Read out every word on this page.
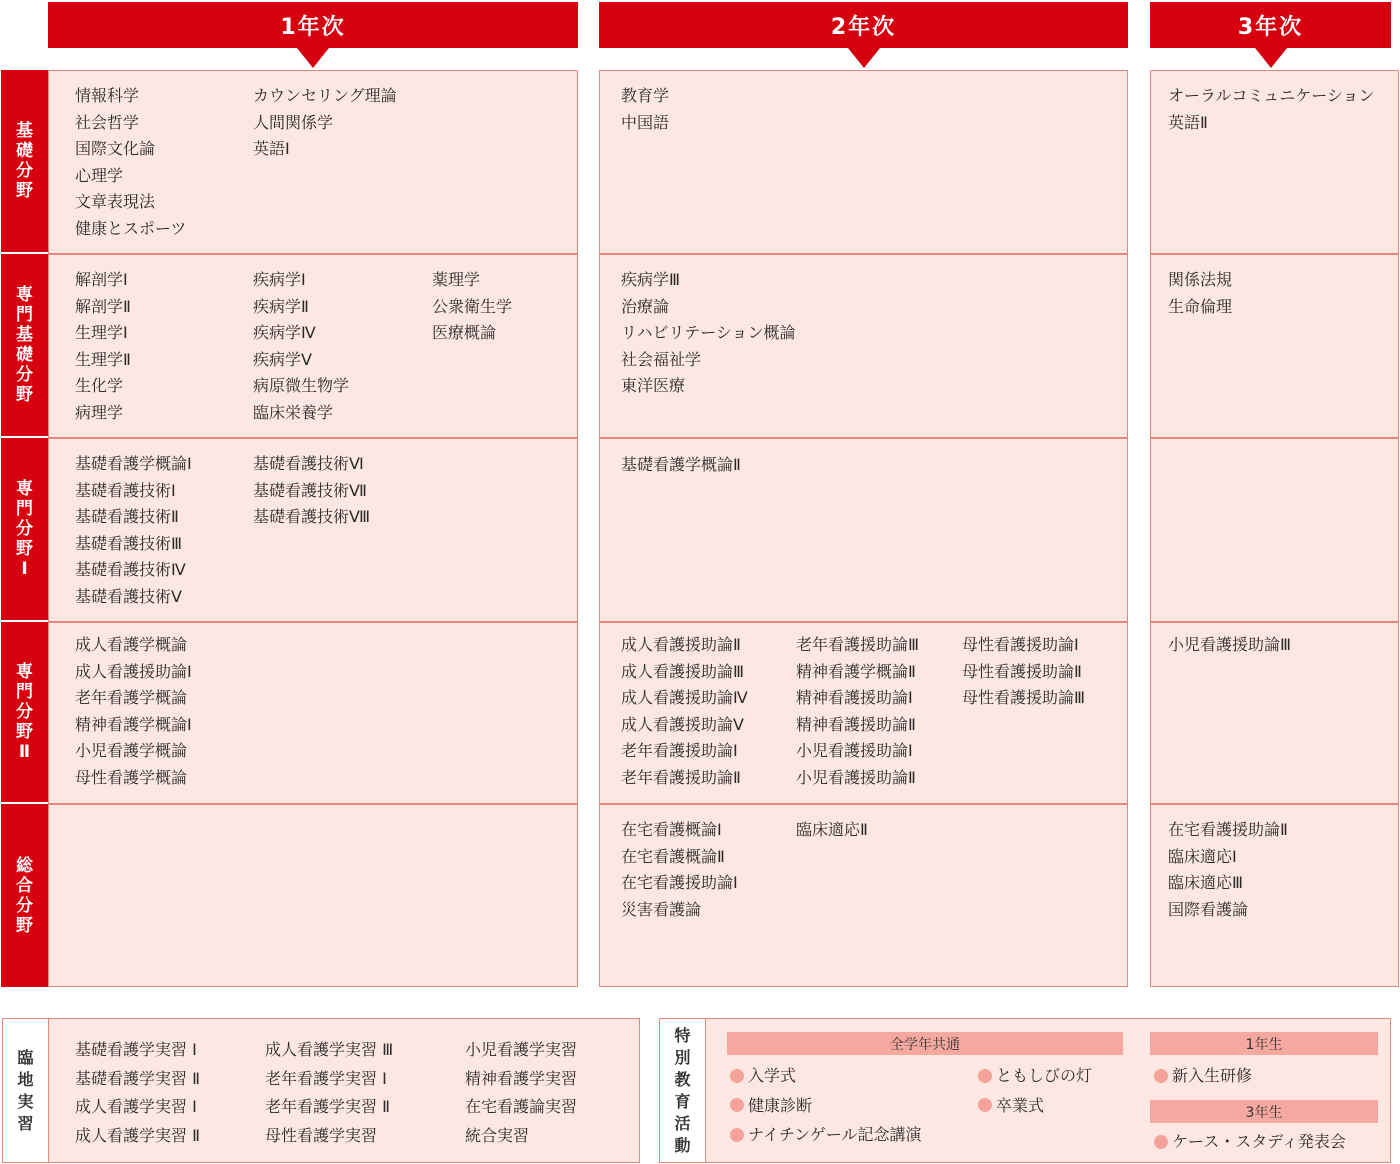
1年次	2年次	3年次
基礎分野
専門基礎分野
専門分野Ⅰ
専門分野Ⅱ
総合分野
情報科学
社会哲学
国際文化論
心理学
文章表現法
健康とスポーツ
カウンセリング理論
人間関係学
英語Ⅰ
解剖学Ⅰ
解剖学Ⅱ
生理学Ⅰ
生理学Ⅱ
生化学
病理学
疾病学Ⅰ
疾病学Ⅱ
疾病学Ⅳ
疾病学Ⅴ
病原微生物学
臨床栄養学
薬理学
公衆衛生学
医療概論
基礎看護学概論Ⅰ
基礎看護技術Ⅰ
基礎看護技術Ⅱ
基礎看護技術Ⅲ
基礎看護技術Ⅳ
基礎看護技術Ⅴ
基礎看護技術Ⅵ
基礎看護技術Ⅶ
基礎看護技術Ⅷ
成人看護学概論
成人看護援助論Ⅰ
老年看護学概論
精神看護学概論Ⅰ
小児看護学概論
母性看護学概論
教育学
中国語
疾病学Ⅲ
治療論
リハビリテーション概論
社会福祉学
東洋医療
基礎看護学概論Ⅱ
成人看護援助論Ⅱ
成人看護援助論Ⅲ
成人看護援助論Ⅳ
成人看護援助論Ⅴ
老年看護援助論Ⅰ
老年看護援助論Ⅱ
老年看護援助論Ⅲ
精神看護学概論Ⅱ
精神看護援助論Ⅰ
精神看護援助論Ⅱ
小児看護援助論Ⅰ
小児看護援助論Ⅱ
母性看護援助論Ⅰ
母性看護援助論Ⅱ
母性看護援助論Ⅲ
在宅看護概論Ⅰ
在宅看護概論Ⅱ
在宅看護援助論Ⅰ
災害看護論
臨床適応Ⅱ
オーラルコミュニケーション
英語Ⅱ
関係法規
生命倫理
小児看護援助論Ⅲ
在宅看護援助論Ⅱ
臨床適応Ⅰ
臨床適応Ⅲ
国際看護論
臨地実習
基礎看護学実習 Ⅰ
基礎看護学実習 Ⅱ
成人看護学実習 Ⅰ
成人看護学実習 Ⅱ
成人看護学実習 Ⅲ
老年看護学実習 Ⅰ
老年看護学実習 Ⅱ
母性看護学実習
小児看護学実習
精神看護学実習
在宅看護論実習
統合実習
特別教育活動
全学年共通
入学式
健康診断
ナイチンゲール記念講演
ともしびの灯
卒業式
1年生
新入生研修
3年生
ケース・スタディ発表会
